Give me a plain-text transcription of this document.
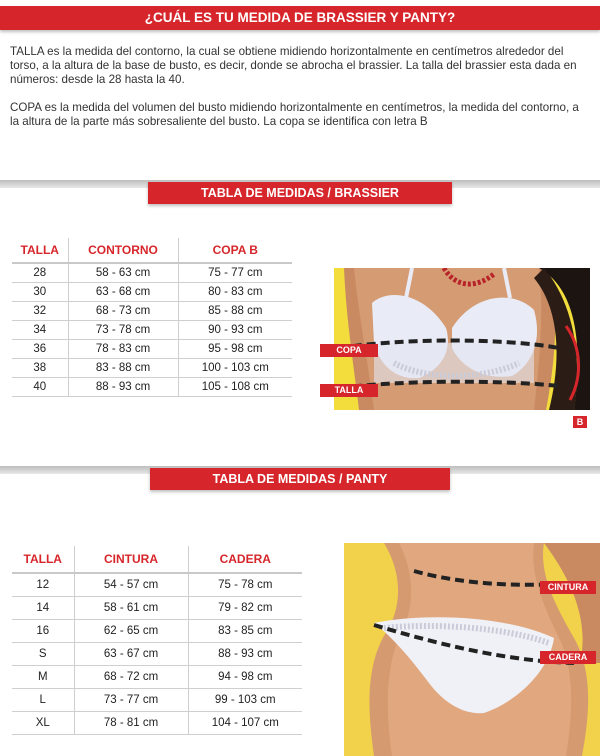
¿CUÁL ES TU MEDIDA DE BRASSIER Y PANTY?

TALLA es la medida del contorno, la cual se obtiene midiendo horizontalmente en centímetros alrededor del torso, a la altura de la base de busto, es decir, donde se abrocha el brassier. La talla del brassier esta dada en números: desde la 28 hasta la 40.

COPA es la medida del volumen del busto midiendo horizontalmente en centímetros, la medida del contorno, a la altura de la parte más sobresaliente del busto. La copa se identifica con letra B

TABLA DE MEDIDAS / BRASSIER
TALLA	CONTORNO	COPA B
28	58 - 63 cm	75 - 77 cm
30	63 - 68 cm	80 - 83 cm
32	68 - 73 cm	85 - 88 cm
34	73 - 78 cm	90 - 93 cm
36	78 - 83 cm	95 - 98 cm
38	83 - 88 cm	100 - 103 cm
40	88 - 93 cm	105 - 108 cm
COPA
TALLA
B
TABLA DE MEDIDAS / PANTY
TALLA	CINTURA	CADERA
12	54 - 57 cm	75 - 78 cm
14	58 - 61 cm	79 - 82 cm
16	62 - 65 cm	83 - 85 cm
S	63 - 67 cm	88 - 93 cm
M	68 - 72 cm	94 - 98 cm
L	73 - 77 cm	99 - 103 cm
XL	78 - 81 cm	104 - 107 cm
CINTURA
CADERA
